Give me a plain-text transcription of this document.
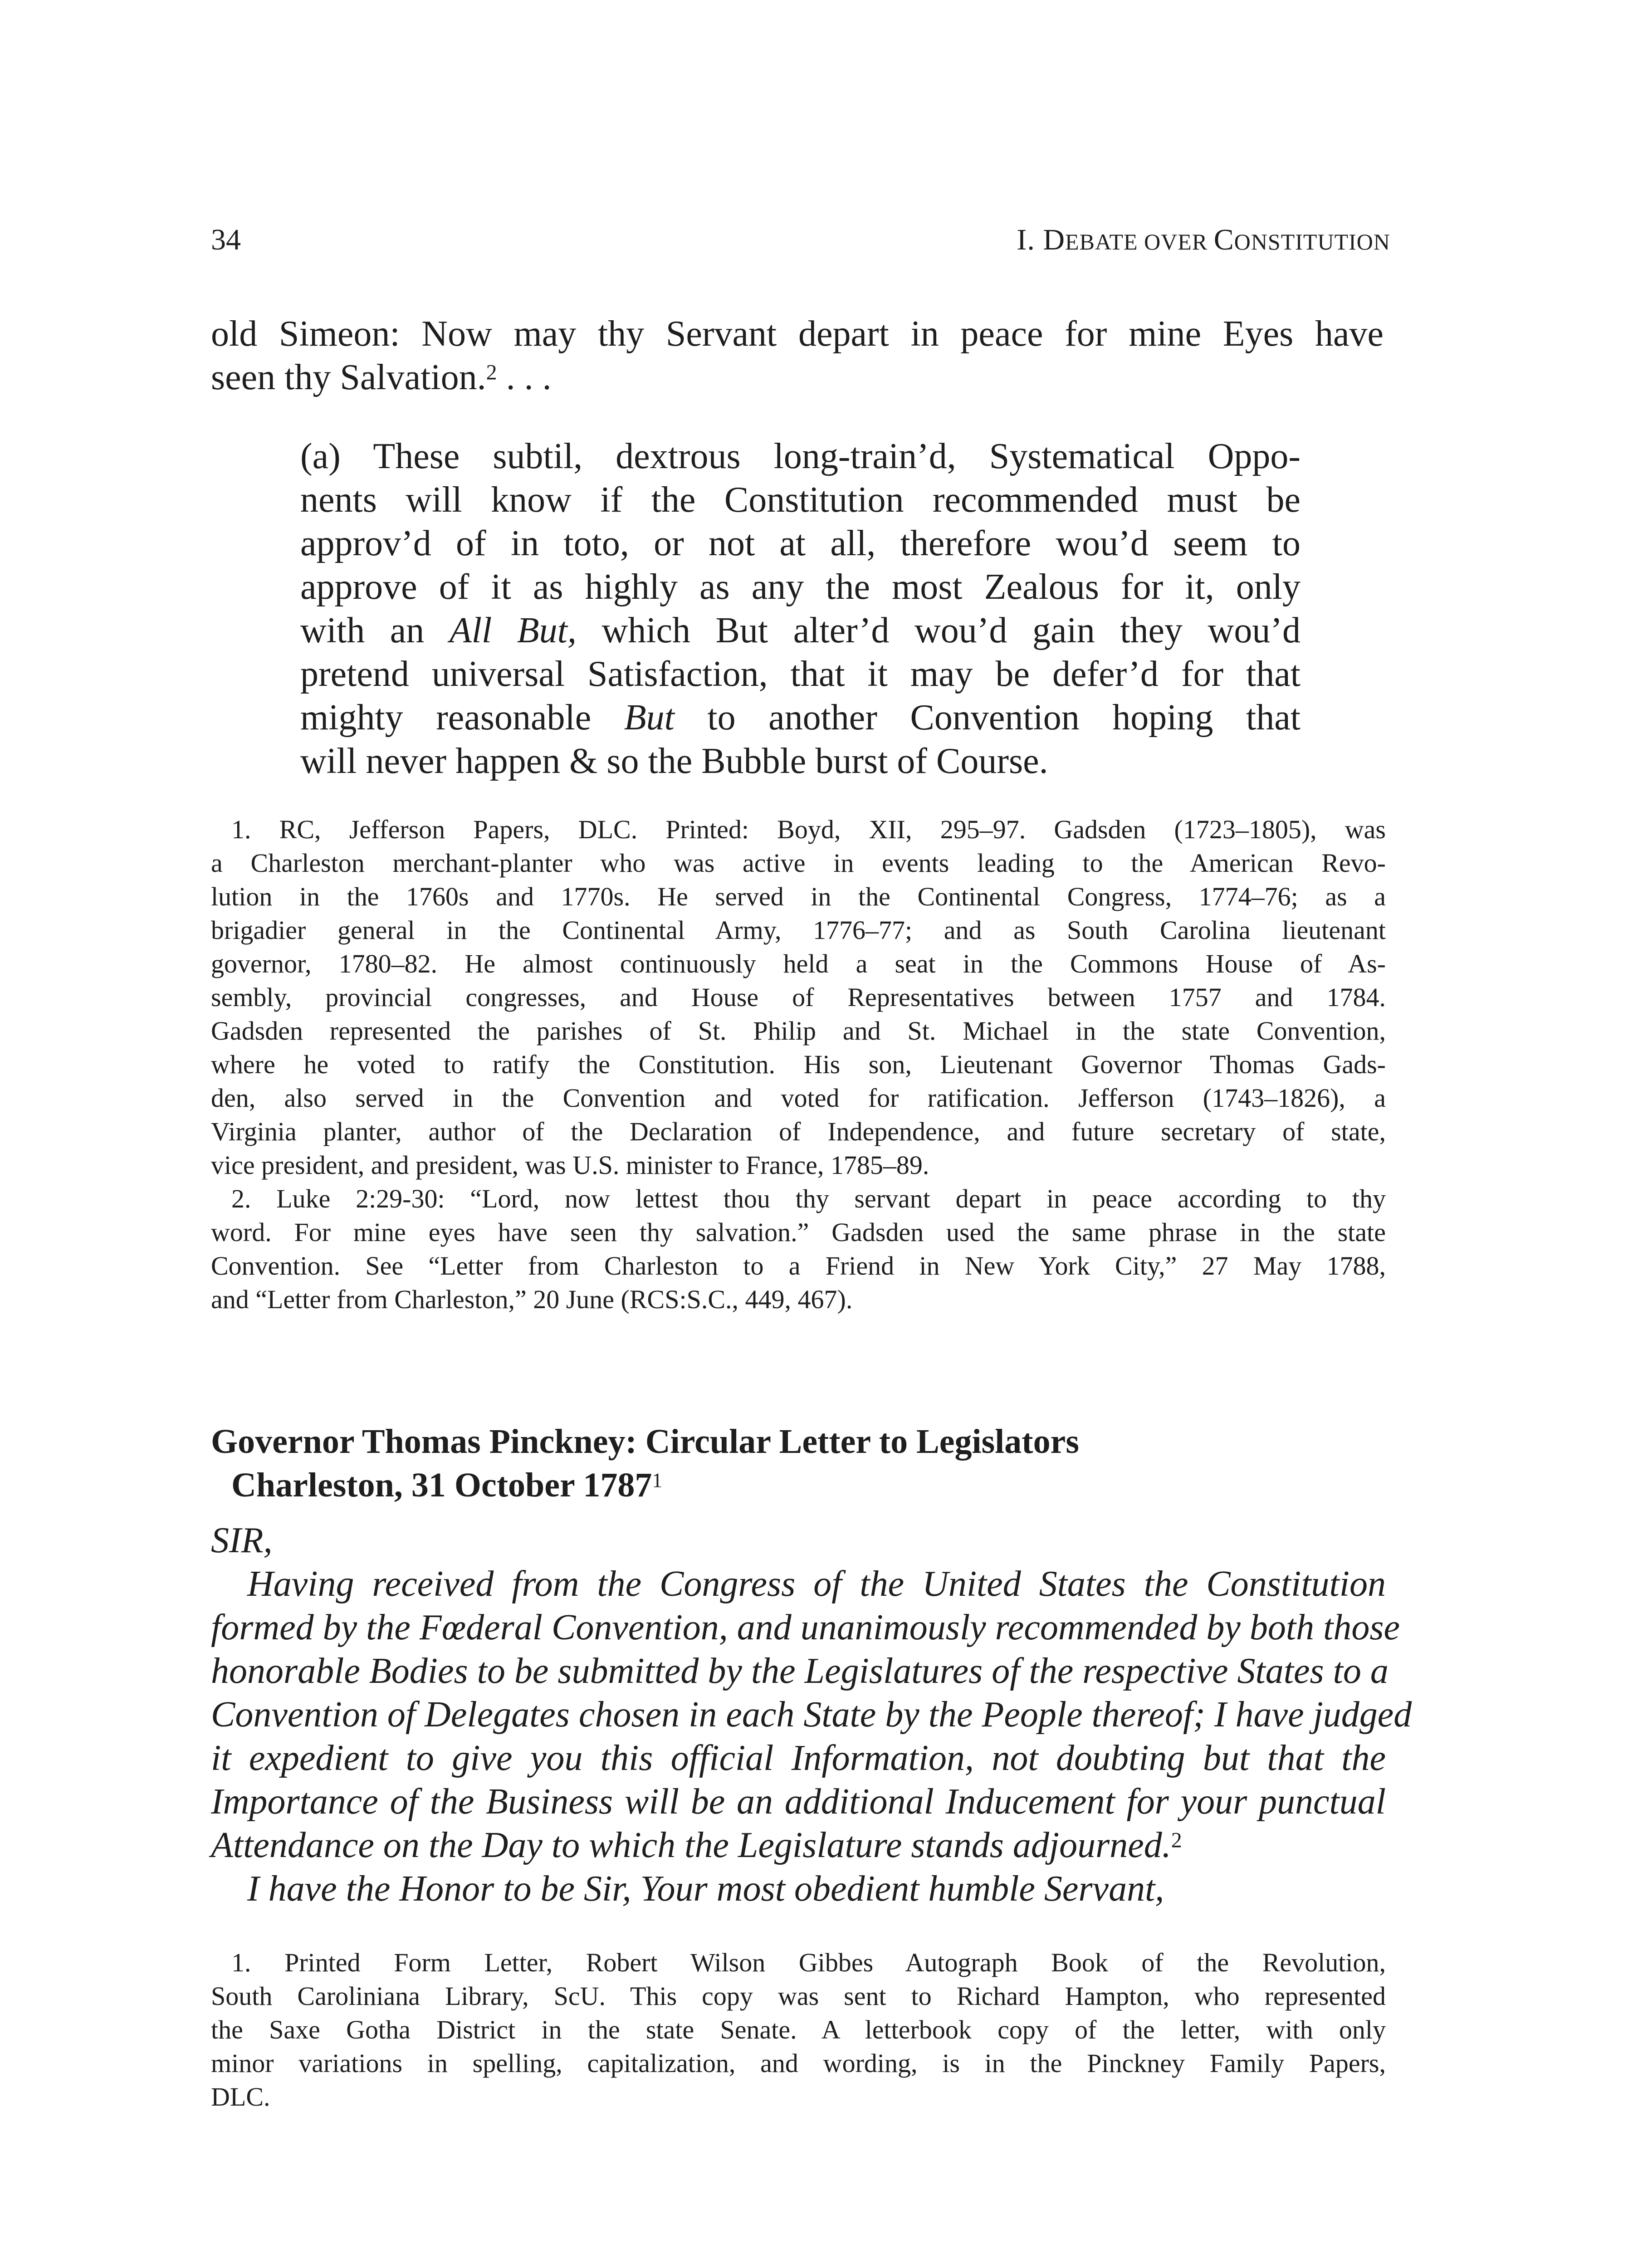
34	I. DEBATE OVER CONSTITUTION
old Simeon: Now may thy Servant depart in peace for mine Eyes have
seen thy Salvation.$^2$ . . .
(a) These subtil, dextrous long-train’d, Systematical Oppo-
nents will know if the Constitution recommended must be
approv’d of in toto, or not at all, therefore wou’d seem to
approve of it as highly as any the most Zealous for it, only
with an All But, which But alter’d wou’d gain they wou’d
pretend universal Satisfaction, that it may be defer’d for that
mighty reasonable But to another Convention hoping that
will never happen & so the Bubble burst of Course.
1. RC, Jefferson Papers, DLC. Printed: Boyd, XII, 295–97. Gadsden (1723–1805), was
a Charleston merchant-planter who was active in events leading to the American Revo-
lution in the 1760s and 1770s. He served in the Continental Congress, 1774–76; as a
brigadier general in the Continental Army, 1776–77; and as South Carolina lieutenant
governor, 1780–82. He almost continuously held a seat in the Commons House of As-
sembly, provincial congresses, and House of Representatives between 1757 and 1784.
Gadsden represented the parishes of St. Philip and St. Michael in the state Convention,
where he voted to ratify the Constitution. His son, Lieutenant Governor Thomas Gads-
den, also served in the Convention and voted for ratification. Jefferson (1743–1826), a
Virginia planter, author of the Declaration of Independence, and future secretary of state,
vice president, and president, was U.S. minister to France, 1785–89.
2. Luke 2:29-30: “Lord, now lettest thou thy servant depart in peace according to thy
word. For mine eyes have seen thy salvation.” Gadsden used the same phrase in the state
Convention. See “Letter from Charleston to a Friend in New York City,” 27 May 1788,
and “Letter from Charleston,” 20 June (RCS:S.C., 449, 467).
Governor Thomas Pinckney: Circular Letter to Legislators
Charleston, 31 October 1787$^1$
SIR,
Having received from the Congress of the United States the Constitution
formed by the Fœderal Convention, and unanimously recommended by both those
honorable Bodies to be submitted by the Legislatures of the respective States to a
Convention of Delegates chosen in each State by the People thereof; I have judged
it expedient to give you this official Information, not doubting but that the
Importance of the Business will be an additional Inducement for your punctual
Attendance on the Day to which the Legislature stands adjourned.$^2$
I have the Honor to be Sir, Your most obedient humble Servant,
1. Printed Form Letter, Robert Wilson Gibbes Autograph Book of the Revolution,
South Caroliniana Library, ScU. This copy was sent to Richard Hampton, who represented
the Saxe Gotha District in the state Senate. A letterbook copy of the letter, with only
minor variations in spelling, capitalization, and wording, is in the Pinckney Family Papers,
DLC.
